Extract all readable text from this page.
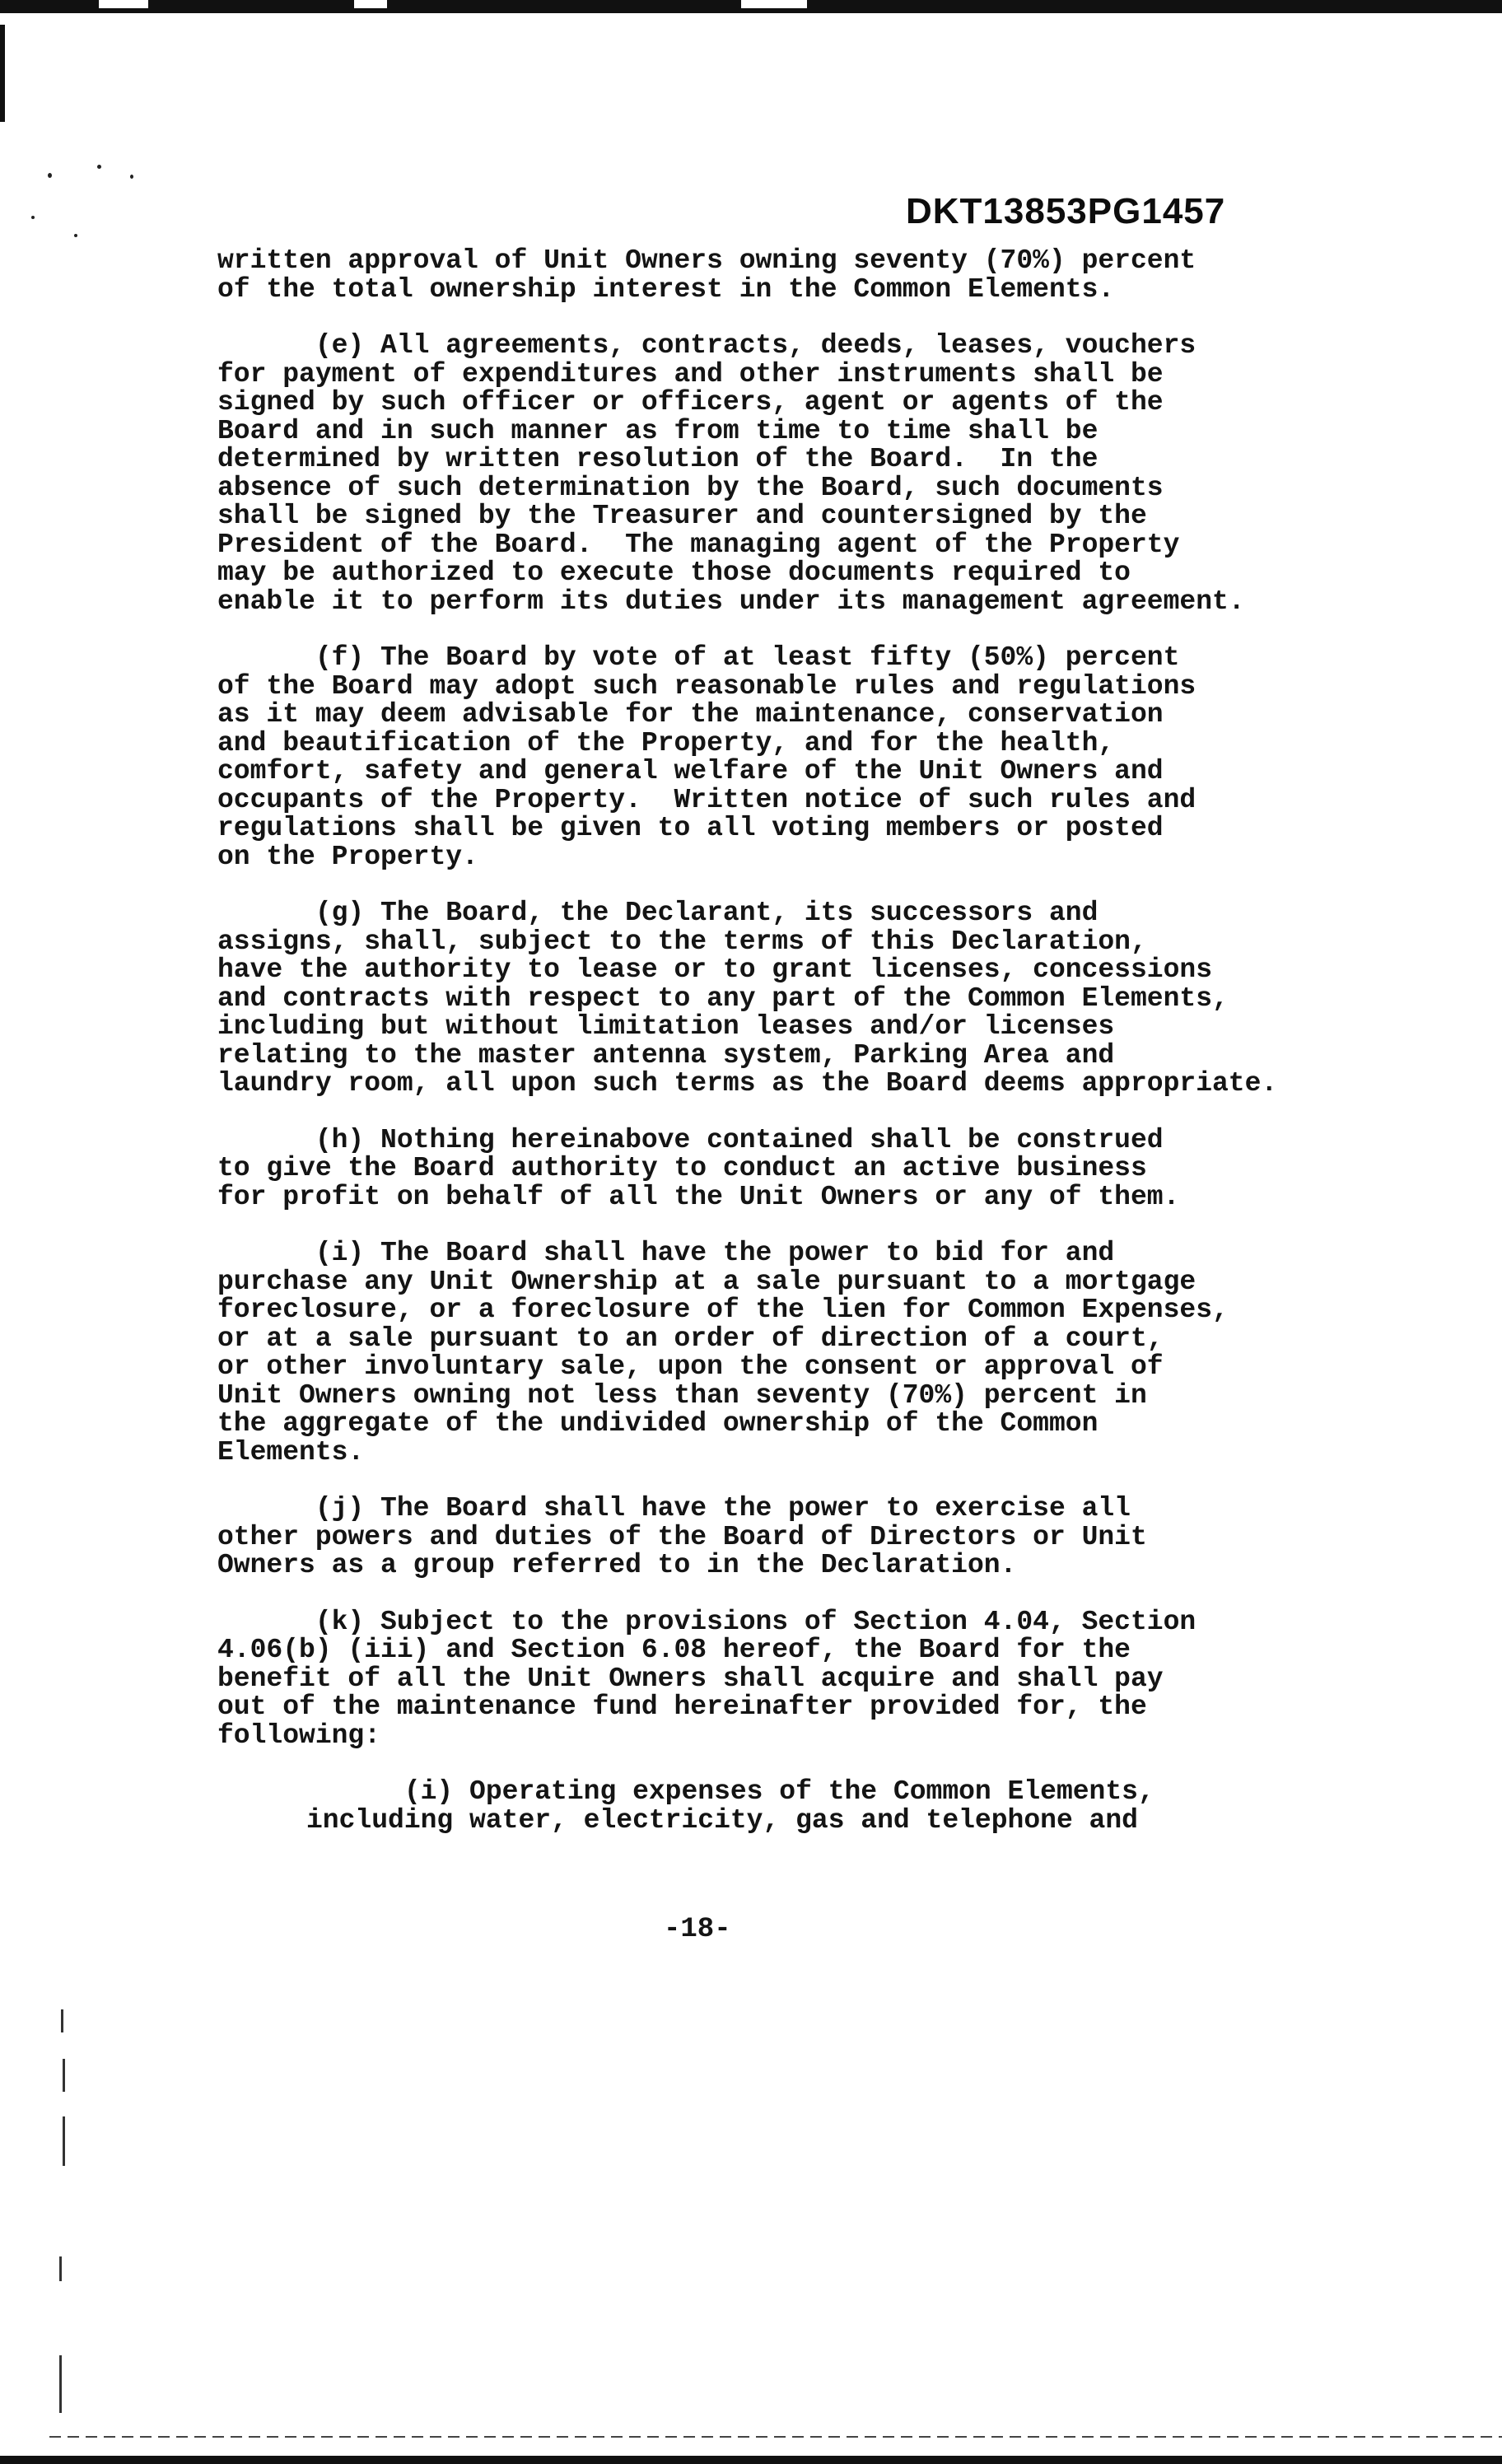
DKT13853PG1457

written approval of Unit Owners owning seventy (70%) percent
of the total ownership interest in the Common Elements.

(e) All agreements, contracts, deeds, leases, vouchers
for payment of expenditures and other instruments shall be
signed by such officer or officers, agent or agents of the
Board and in such manner as from time to time shall be
determined by written resolution of the Board.  In the
absence of such determination by the Board, such documents
shall be signed by the Treasurer and countersigned by the
President of the Board.  The managing agent of the Property
may be authorized to execute those documents required to
enable it to perform its duties under its management agreement.

(f) The Board by vote of at least fifty (50%) percent
of the Board may adopt such reasonable rules and regulations
as it may deem advisable for the maintenance, conservation
and beautification of the Property, and for the health,
comfort, safety and general welfare of the Unit Owners and
occupants of the Property.  Written notice of such rules and
regulations shall be given to all voting members or posted
on the Property.

(g) The Board, the Declarant, its successors and
assigns, shall, subject to the terms of this Declaration,
have the authority to lease or to grant licenses, concessions
and contracts with respect to any part of the Common Elements,
including but without limitation leases and/or licenses
relating to the master antenna system, Parking Area and
laundry room, all upon such terms as the Board deems appropriate.

(h) Nothing hereinabove contained shall be construed
to give the Board authority to conduct an active business
for profit on behalf of all the Unit Owners or any of them.

(i) The Board shall have the power to bid for and
purchase any Unit Ownership at a sale pursuant to a mortgage
foreclosure, or a foreclosure of the lien for Common Expenses,
or at a sale pursuant to an order of direction of a court,
or other involuntary sale, upon the consent or approval of
Unit Owners owning not less than seventy (70%) percent in
the aggregate of the undivided ownership of the Common
Elements.

(j) The Board shall have the power to exercise all
other powers and duties of the Board of Directors or Unit
Owners as a group referred to in the Declaration.

(k) Subject to the provisions of Section 4.04, Section
4.06(b) (iii) and Section 6.08 hereof, the Board for the
benefit of all the Unit Owners shall acquire and shall pay
out of the maintenance fund hereinafter provided for, the
following:

(i) Operating expenses of the Common Elements,
including water, electricity, gas and telephone and

-18-
